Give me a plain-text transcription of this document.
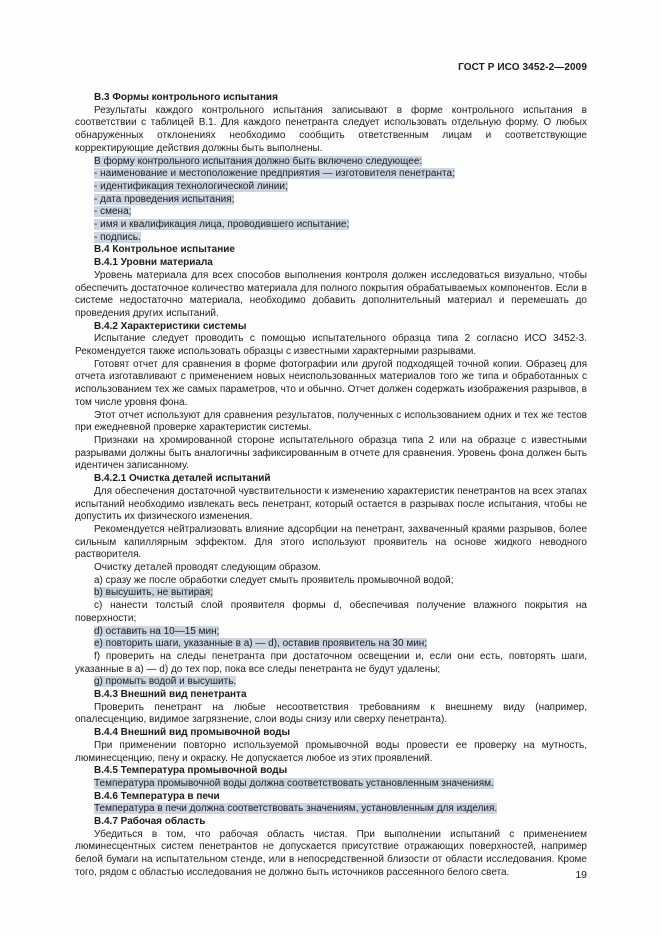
ГОСТ Р ИСО 3452-2—2009

В.3 Формы контрольного испытания

Результаты каждого контрольного испытания записывают в форме контрольного испытания в соответствии с таблицей В.1. Для каждого пенетранта следует использовать отдельную форму. О любых обнаруженных отклонениях необходимо сообщить ответственным лицам и соответствующие корректирующие действия должны быть выполнены.

В форму контрольного испытания должно быть включено следующее:

- наименование и местоположение предприятия — изготовителя пенетранта;

- идентификация технологической линии;

- дата проведения испытания;

- смена;

- имя и квалификация лица, проводившего испытание;

- подпись.

В.4 Контрольное испытание

В.4.1 Уровни материала

Уровень материала для всех способов выполнения контроля должен исследоваться визуально, чтобы обеспечить достаточное количество материала для полного покрытия обрабатываемых компонентов. Если в системе недостаточно материала, необходимо добавить дополнительный материал и перемешать до проведения других испытаний.

В.4.2 Характеристики системы

Испытание следует проводить с помощью испытательного образца типа 2 согласно ИСО 3452-3. Рекомендуется также использовать образцы с известными характерными разрывами.

Готовят отчет для сравнения в форме фотографии или другой подходящей точной копии. Образец для отчета изготавливают с применением новых неиспользованных материалов того же типа и обработанных с использованием тех же самых параметров, что и обычно. Отчет должен содержать изображения разрывов, в том числе уровня фона.

Этот отчет используют для сравнения результатов, полученных с использованием одних и тех же тестов при ежедневной проверке характеристик системы.

Признаки на хромированной стороне испытательного образца типа 2 или на образце с известными разрывами должны быть аналогичны зафиксированным в отчете для сравнения. Уровень фона должен быть идентичен записанному.

В.4.2.1 Очистка деталей испытаний

Для обеспечения достаточной чувствительности к изменению характеристик пенетрантов на всех этапах испытаний необходимо извлекать весь пенетрант, который остается в разрывах после испытания, чтобы не допустить их физического изменения.

Рекомендуется нейтрализовать влияние адсорбции на пенетрант, захваченный краями разрывов, более сильным капиллярным эффектом. Для этого используют проявитель на основе жидкого неводного растворителя.

Очистку деталей проводят следующим образом.

a) сразу же после обработки следует смыть проявитель промывочной водой;

b) высушить, не вытирая;

c) нанести толстый слой проявителя формы d, обеспечивая получение влажного покрытия на поверхности;

d) оставить на 10—15 мин;

e) повторить шаги, указанные в a) — d), оставив проявитель на 30 мин;

f) проверить на следы пенетранта при достаточном освещении и, если они есть, повторять шаги, указанные в a) — d) до тех пор, пока все следы пенетранта не будут удалены;

g) промыть водой и высушить.

В.4.3 Внешний вид пенетранта

Проверить пенетрант на любые несоответствия требованиям к внешнему виду (например, опалесценцию, видимое загрязнение, слои воды снизу или сверху пенетранта).

В.4.4 Внешний вид промывочной воды

При применении повторно используемой промывочной воды провести ее проверку на мутность, люминесценцию, пену и окраску. Не допускается любое из этих проявлений.

В.4.5 Температура промывочной воды

Температура промывочной воды должна соответствовать установленным значениям.

В.4.6 Температура в печи

Температура в печи должна соответствовать значениям, установленным для изделия.

В.4.7 Рабочая область

Убедиться в том, что рабочая область чистая. При выполнении испытаний с применением люминесцентных систем пенетрантов не допускается присутствие отражающих поверхностей, например белой бумаги на испытательном стенде, или в непосредственной близости от области исследования. Кроме того, рядом с областью исследования не должно быть источников рассеянного белого света.	19
